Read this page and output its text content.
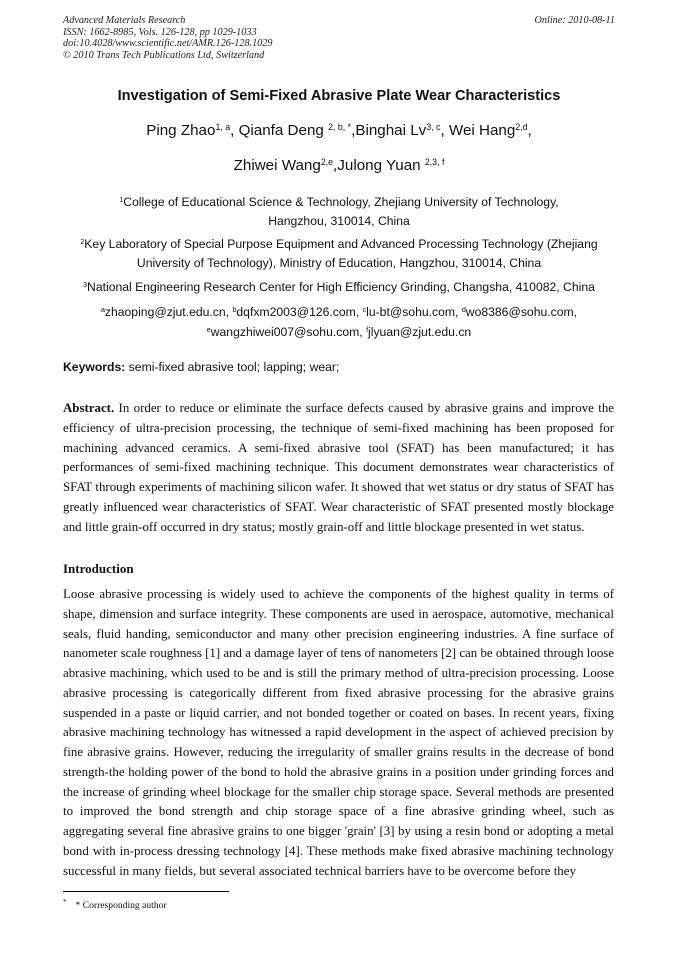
Advanced Materials Research
ISSN: 1662-8985, Vols. 126-128, pp 1029-1033
doi:10.4028/www.scientific.net/AMR.126-128.1029
© 2010 Trans Tech Publications Ltd, Switzerland
Online: 2010-08-11
Investigation of Semi-Fixed Abrasive Plate Wear Characteristics
Ping Zhao$^{1, a}$, Qianfa Deng $^{2, b, *}$,Binghai Lv$^{3, c}$, Wei Hang$^{2,d}$,
Zhiwei Wang$^{2,e}$,Julong Yuan $^{2,3, f}$
$^1$College of Educational Science & Technology, Zhejiang University of Technology,
Hangzhou, 310014, China
$^2$Key Laboratory of Special Purpose Equipment and Advanced Processing Technology (Zhejiang
University of Technology), Ministry of Education, Hangzhou, 310014, China
$^3$National Engineering Research Center for High Efficiency Grinding, Changsha, 410082, China
$^a$zhaoping@zjut.edu.cn, $^b$dqfxm2003@126.com, $^c$lu-bt@sohu.com, $^d$wo8386@sohu.com,
$^e$wangzhiwei007@sohu.com, $^f$jlyuan@zjut.edu.cn
Keywords: semi-fixed abrasive tool; lapping; wear;
Abstract. In order to reduce or eliminate the surface defects caused by abrasive grains and improve the efficiency of ultra-precision processing, the technique of semi-fixed machining has been proposed for machining advanced ceramics. A semi-fixed abrasive tool (SFAT) has been manufactured; it has performances of semi-fixed machining technique. This document demonstrates wear characteristics of SFAT through experiments of machining silicon wafer. It showed that wet status or dry status of SFAT has greatly influenced wear characteristics of SFAT. Wear characteristic of SFAT presented mostly blockage and little grain-off occurred in dry status; mostly grain-off and little blockage presented in wet status.
Introduction
Loose abrasive processing is widely used to achieve the components of the highest quality in terms of shape, dimension and surface integrity. These components are used in aerospace, automotive, mechanical seals, fluid handing, semiconductor and many other precision engineering industries. A fine surface of nanometer scale roughness [1] and a damage layer of tens of nanometers [2] can be obtained through loose abrasive machining, which used to be and is still the primary method of ultra-precision processing. Loose abrasive processing is categorically different from fixed abrasive processing for the abrasive grains suspended in a paste or liquid carrier, and not bonded together or coated on bases. In recent years, fixing abrasive machining technology has witnessed a rapid development in the aspect of achieved precision by fine abrasive grains. However, reducing the irregularity of smaller grains results in the decrease of bond strength-the holding power of the bond to hold the abrasive grains in a position under grinding forces and the increase of grinding wheel blockage for the smaller chip storage space. Several methods are presented to improved the bond strength and chip storage space of a fine abrasive grinding wheel, such as aggregating several fine abrasive grains to one bigger 'grain' [3] by using a resin bond or adopting a metal bond with in-process dressing technology [4]. These methods make fixed abrasive machining technology successful in many fields, but several associated technical barriers have to be overcome before they
* * Corresponding author
